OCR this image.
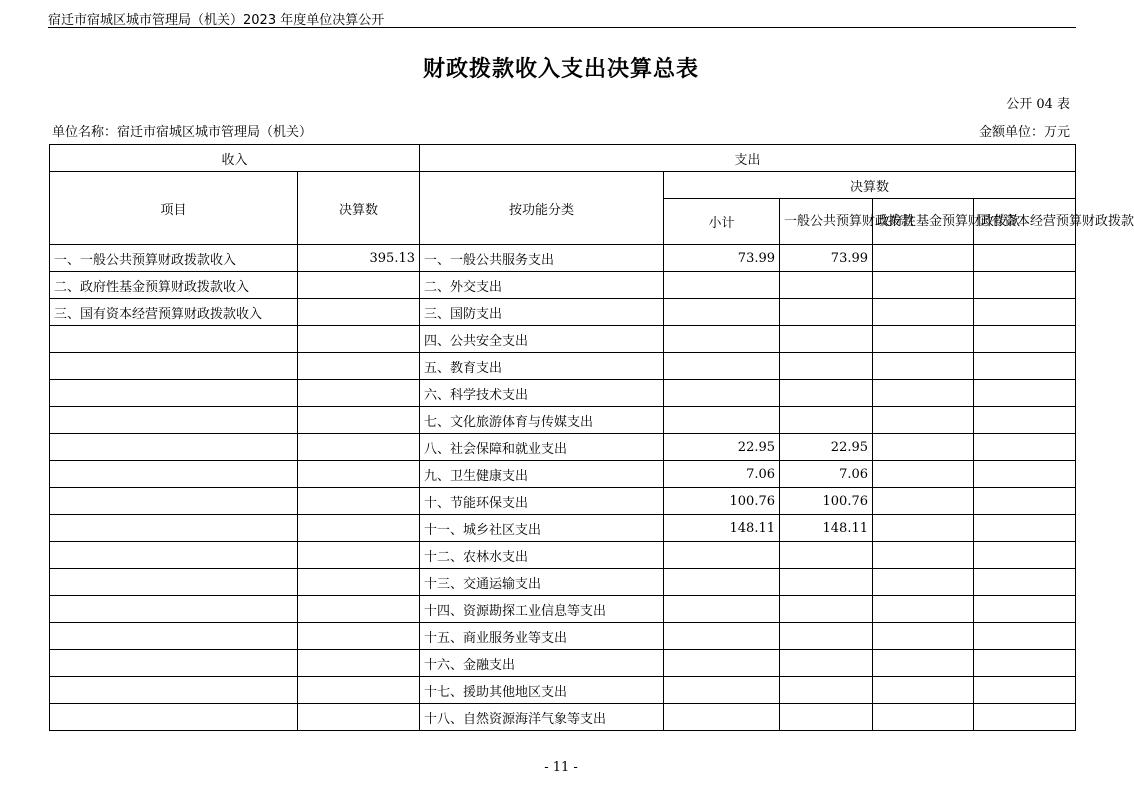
宿迁市宿城区城市管理局（机关）2023 年度单位决算公开
财政拨款收入支出决算总表
公开 04 表
单位名称：宿迁市宿城区城市管理局（机关）	金额单位：万元
收入		支出				
项目	决算数	按功能分类	决算数			
			小计	一般公共预算财政拨款	政府性基金预算财政拨款	国有资本经营预算财政拨款
一、一般公共预算财政拨款收入	395.13	一、一般公共服务支出	73.99	73.99		
二、政府性基金预算财政拨款收入		二、外交支出				
三、国有资本经营预算财政拨款收入		三、国防支出				
		四、公共安全支出				
		五、教育支出				
		六、科学技术支出				
		七、文化旅游体育与传媒支出				
		八、社会保障和就业支出	22.95	22.95		
		九、卫生健康支出	7.06	7.06		
		十、节能环保支出	100.76	100.76		
		十一、城乡社区支出	148.11	148.11		
		十二、农林水支出				
		十三、交通运输支出				
		十四、资源勘探工业信息等支出				
		十五、商业服务业等支出				
		十六、金融支出				
		十七、援助其他地区支出				
		十八、自然资源海洋气象等支出				
- 11 -
